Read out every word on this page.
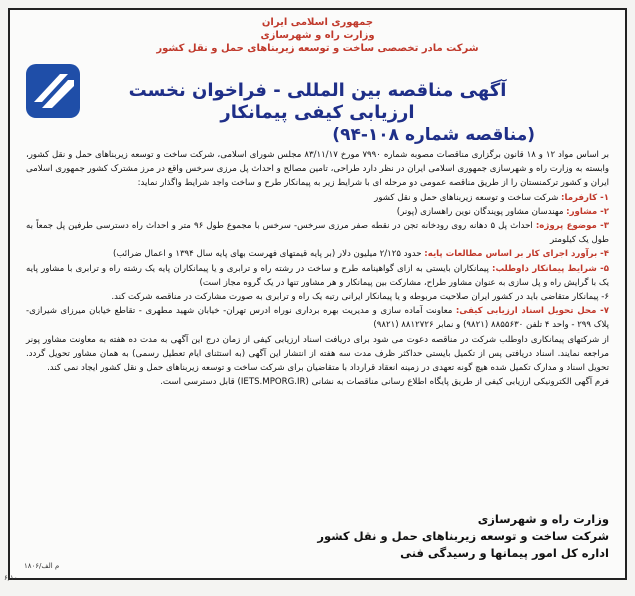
جمهوری اسلامی ایران
وزارت راه و شهرسازی
شرکت مادر تخصصی ساخت و توسعه زیربناهای حمل و نقل کشور
آگهی مناقصه بین المللی - فراخوان نخست ارزیابی کیفی پیمانکار
(مناقصه شماره ۱۰۸-۹۴)

بر اساس مواد ۱۲ و ۱۸ قانون برگزاری مناقصات مصوبه شماره ۷۹۹۰ مورخ ۸۳/۱۱/۱۷ مجلس شورای اسلامی، شرکت ساخت و توسعه زیربناهای حمل و نقل کشور، وابسته به وزارت راه و شهرسازی جمهوری اسلامی ایران در نظر دارد طراحی، تامین مصالح و احداث پل مرزی سرخس واقع در مرز مشترک کشور جمهوری اسلامی ایران و کشور ترکمنستان را از طریق مناقصه عمومی دو مرحله ای با شرایط زیر به پیمانکار طرح و ساخت واجد شرایط واگذار نماید:

۱- کارفرما: شرکت ساخت و توسعه زیربناهای حمل و نقل کشور

۲- مشاور: مهندسان مشاور پویندگان نوین راهسازی (پونر)

۳- موضوع پروژه: احداث پل ۵ دهانه روی رودخانه تجن در نقطه صفر مرزی سرخس- سرخس با مجموع طول ۹۶ متر و احداث راه دسترسی طرفین پل جمعاً به طول یک کیلومتر

۴- برآورد اجرای کار بر اساس مطالعات پایه: حدود ۲/۱۲۵ میلیون دلار (بر پایه قیمتهای فهرست بهای پایه سال ۱۳۹۴ و اعمال ضرائب)

۵- شرایط پیمانکار داوطلب: پیمانکاران بایستی به ازای گواهینامه طرح و ساخت در رشته راه و ترابری و یا پیمانکاران پایه یک رشته راه و ترابری با مشاور پایه یک با گرایش راه و پل سازی به عنوان مشاور طراح، مشارکت بین پیمانکار و هر مشاور تنها در یک گروه مجاز است)

۶- پیمانکار متقاضی باید در کشور ایران صلاحیت مربوطه و یا پیمانکار ایرانی رتبه یک راه و ترابری به صورت مشارکت در مناقصه شرکت کند.

۷- محل تحویل اسناد ارزیابی کیفی: معاونت آماده سازی و مدیریت بهره برداری نوراه ادرس تهران- خیابان شهید مطهری - تقاطع خیابان میرزای شیرازی- پلاک ۲۹۹ - واحد ۴ تلفن ۸۸۵۵۶۳۰ (۹۸۲۱) و نمابر ۸۸۱۲۷۲۶ (۹۸۲۱)

از شرکتهای پیمانکاری داوطلب شرکت در مناقصه دعوت می شود برای دریافت اسناد ارزیابی کیفی از زمان درج این آگهی به مدت ده هفته به معاونت مشاور پونر مراجعه نمایند. اسناد دریافتی پس از تکمیل بایستی حداکثر ظرف مدت سه هفته از انتشار این آگهی (به استثنای ایام تعطیل رسمی) به همان مشاور تحویل گردد. تحویل اسناد و مدارک تکمیل شده هیچ گونه تعهدی در زمینه انعقاد قرارداد با متقاضیان برای شرکت ساخت و توسعه زیربناهای حمل و نقل کشور ایجاد نمی کند.

فرم آگهی الکترونیکی ارزیابی کیفی از طریق پایگاه اطلاع رسانی مناقصات به نشانی (IETS.MPORG.IR) قابل دسترسی است.

وزارت راه و شهرسازی
شرکت ساخت و توسعه زیربناهای حمل و نقل کشور
اداره کل امور پیمانها و رسیدگی فنی
م الف/۱۸۰۶
۶/۱۰
